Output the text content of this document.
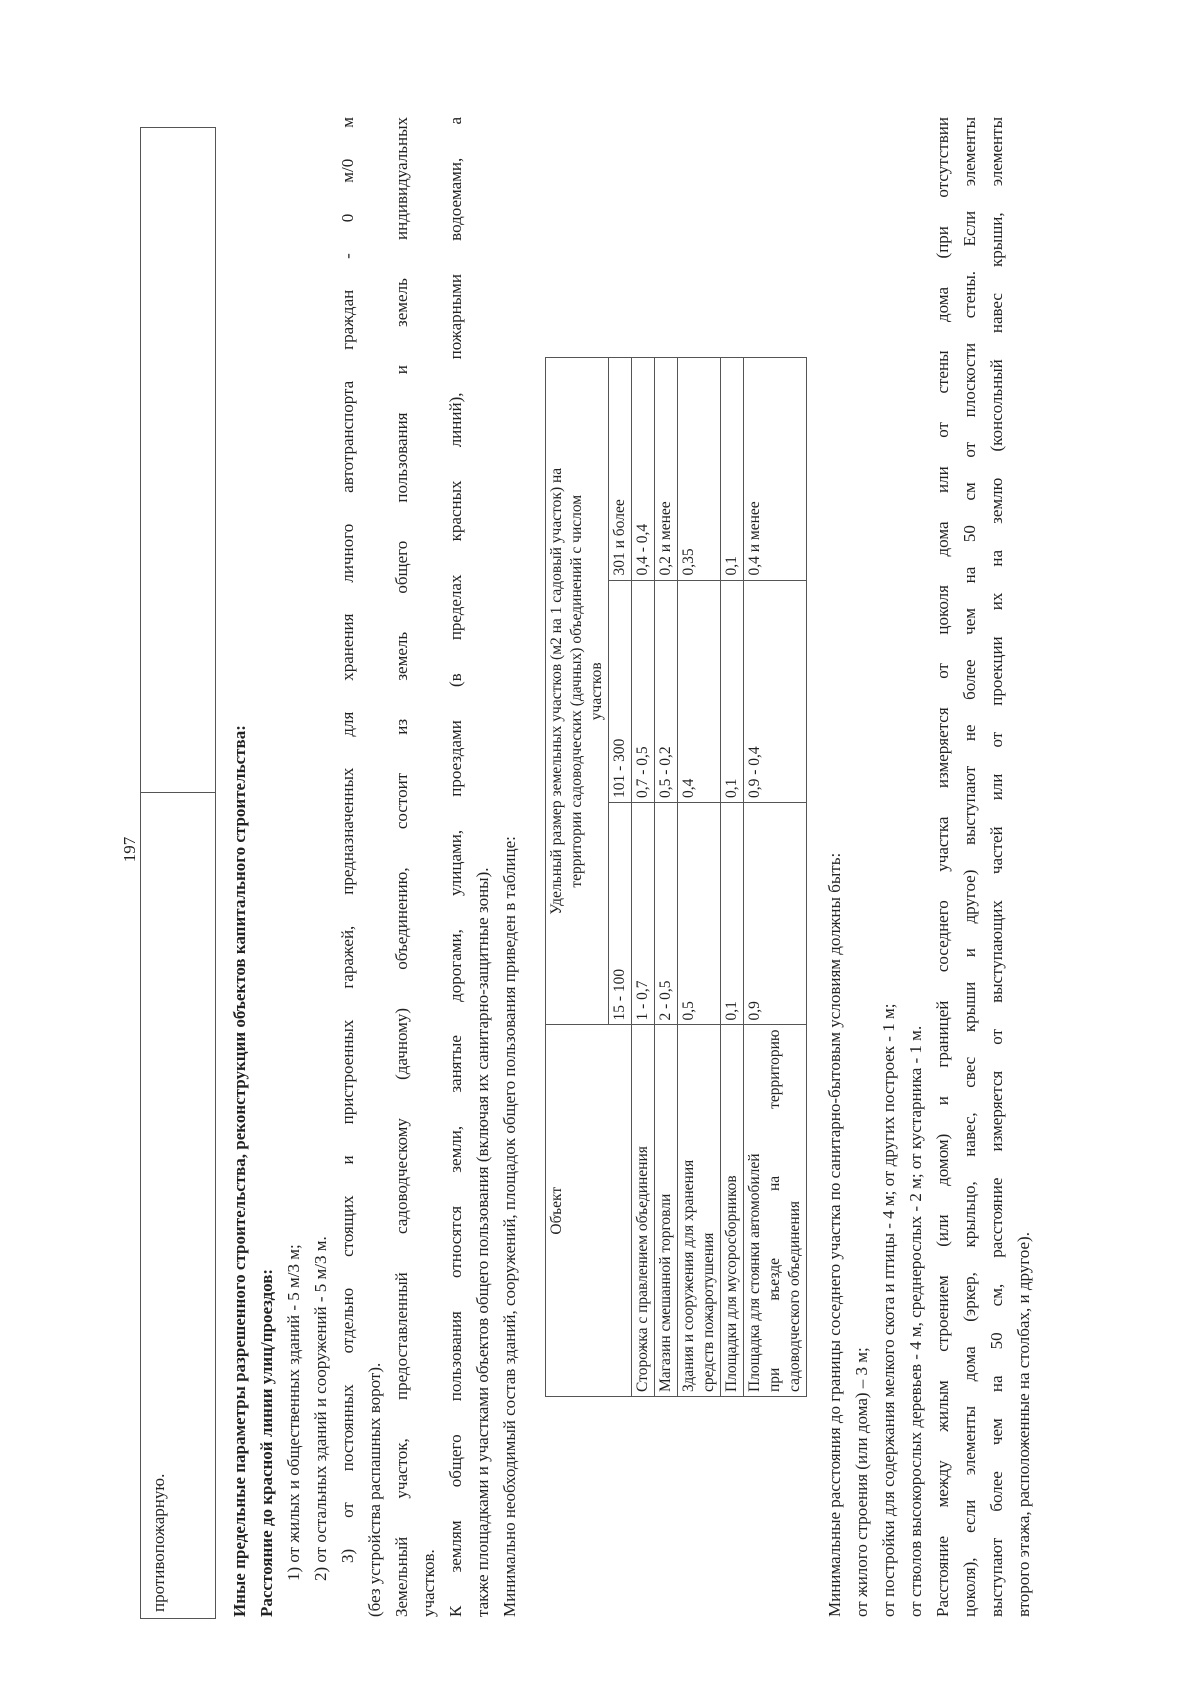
197
противопожарную.	Иные предельные параметры разрешенного строительства, реконструкции объектов капитального строительства: Расстояние до красной линии улиц/проездов: 1) от жилых и общественных зданий - 5 м/3 м; 2) от остальных зданий и сооружений - 5 м/3 м. 3) от постоянных отдельно стоящих и пристроенных гаражей, предназначенных для хранения личного автотранспорта граждан - 0 м/0 м (без устройства распашных ворот). Земельный участок, предоставленный садоводческому (дачному) объединению, состоит из земель общего пользования и земель индивидуальных участков. К землям общего пользования относятся земли, занятые дорогами, улицами, проездами (в пределах красных линий), пожарными водоемами, а также площадками и участками объектов общего пользования (включая их санитарно-защитные зоны). Минимально необходимый состав зданий, сооружений, площадок общего пользования приведен в таблице: Объект	Удельный размер земельных участков (м2 на 1 садовый участок) на территории садоводческих (дачных) объединений с числом участков		

	15 - 100	101 - 300	301 и более
Сторожка с правлением объединения	1 - 0,7	0,7 - 0,5	0,4 - 0,4
Магазин смешанной торговли	2 - 0,5	0,5 - 0,2	0,2 и менее

Здания и сооружения для хранения средств пожаротушения	0,5	0,4	0,35
Площадки для мусоросборников	0,1	0,1	0,1

Площадка для стоянки автомобилей при въезде на территорию садоводческого объединения	0,9	0,9 - 0,4	0,4 и менее

Минимальные расстояния до границы соседнего участка по санитарно-бытовым условиям должны быть: от жилого строения (или дома) – 3 м; от постройки для содержания мелкого скота и птицы - 4 м; от других построек - 1 м; от стволов высокорослых деревьев - 4 м, среднерослых - 2 м; от кустарника - 1 м. Расстояние между жилым строением (или домом) и границей соседнего участка измеряется от цоколя дома или от стены дома (при отсутствии цоколя), если элементы дома (эркер, крыльцо, навес, свес крыши и другое) выступают не более чем на 50 см от плоскости стены. Если элементы выступают более чем на 50 см, расстояние измеряется от выступающих частей или от проекции их на землю (консольный навес крыши, элементы второго этажа, расположенные на столбах, и другое).
